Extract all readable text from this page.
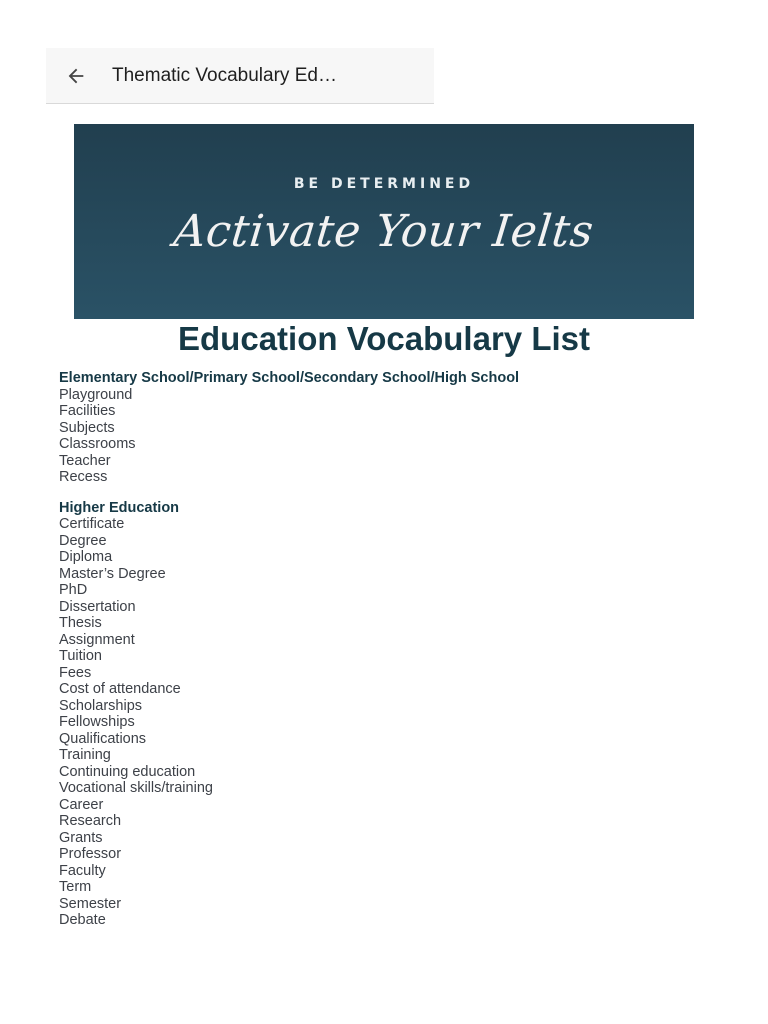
Thematic Vocabulary Ed…
BE DETERMINED
Activate Your Ielts
Education Vocabulary List

Elementary School/Primary School/Secondary School/High School

Playground
Facilities
Subjects
Classrooms
Teacher
Recess

Higher Education

Certificate
Degree
Diploma
Master’s Degree
PhD
Dissertation
Thesis
Assignment
Tuition
Fees
Cost of attendance
Scholarships
Fellowships
Qualifications
Training
Continuing education
Vocational skills/training
Career
Research
Grants
Professor
Faculty
Term
Semester
Debate
